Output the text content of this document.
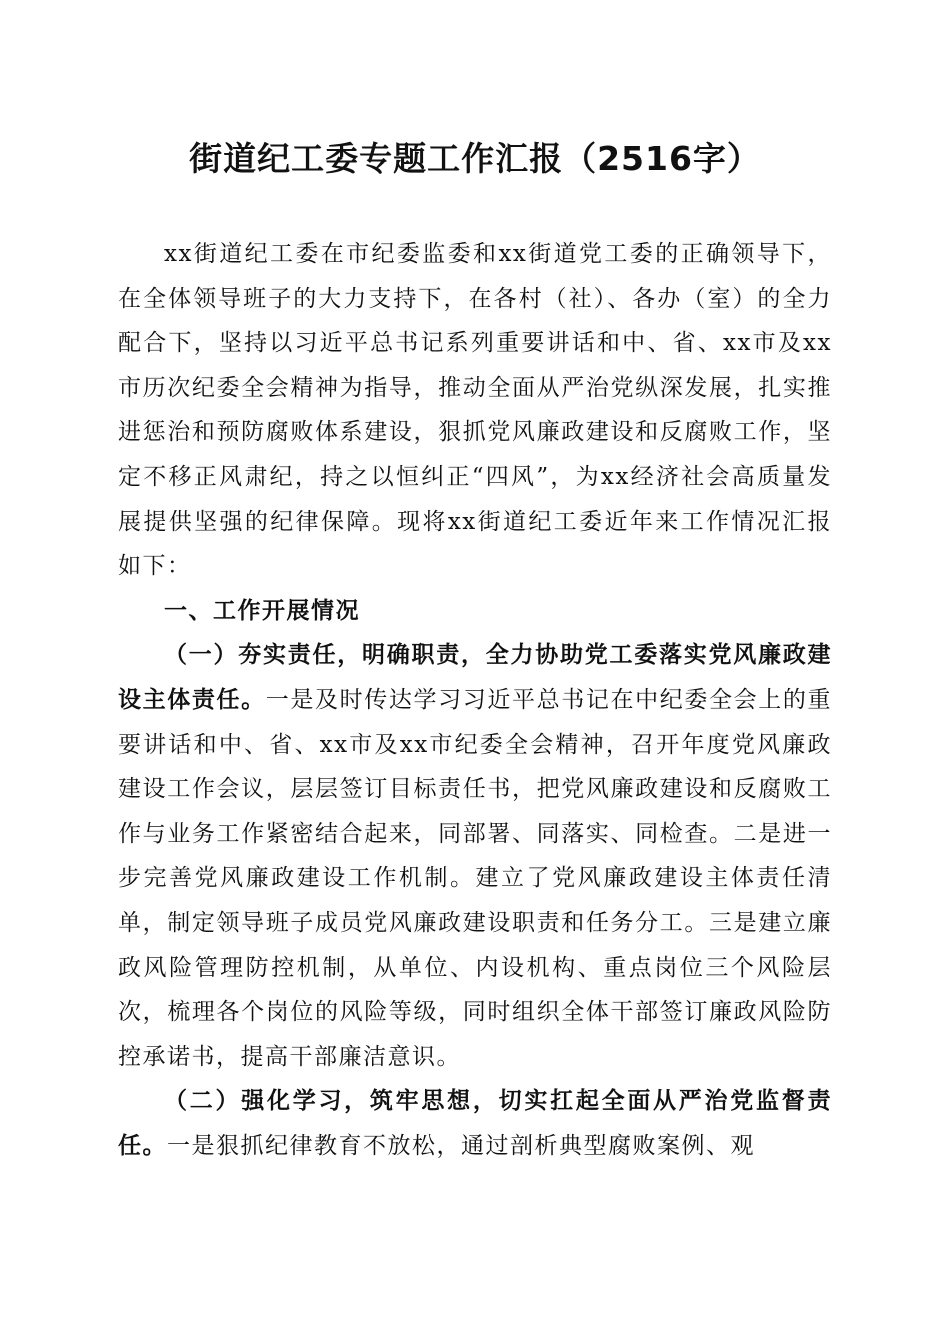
街道纪工委专题工作汇报（2516字）

xx街道纪工委在市纪委监委和xx街道党工委的正确领导下，在全体领导班子的大力支持下，在各村（社）、各办（室）的全力配合下，坚持以习近平总书记系列重要讲话和中、省、xx市及xx市历次纪委全会精神为指导，推动全面从严治党纵深发展，扎实推进惩治和预防腐败体系建设，狠抓党风廉政建设和反腐败工作，坚定不移正风肃纪，持之以恒纠正“四风”，为xx经济社会高质量发展提供坚强的纪律保障。现将xx街道纪工委近年来工作情况汇报如下：

一、工作开展情况

（一）夯实责任，明确职责，全力协助党工委落实党风廉政建设主体责任。一是及时传达学习习近平总书记在中纪委全会上的重要讲话和中、省、xx市及xx市纪委全会精神，召开年度党风廉政建设工作会议，层层签订目标责任书，把党风廉政建设和反腐败工作与业务工作紧密结合起来，同部署、同落实、同检查。二是进一步完善党风廉政建设工作机制。建立了党风廉政建设主体责任清单，制定领导班子成员党风廉政建设职责和任务分工。三是建立廉政风险管理防控机制，从单位、内设机构、重点岗位三个风险层次，梳理各个岗位的风险等级，同时组织全体干部签订廉政风险防控承诺书，提高干部廉洁意识。

（二）强化学习，筑牢思想，切实扛起全面从严治党监督责任。一是狠抓纪律教育不放松，通过剖析典型腐败案例、观
